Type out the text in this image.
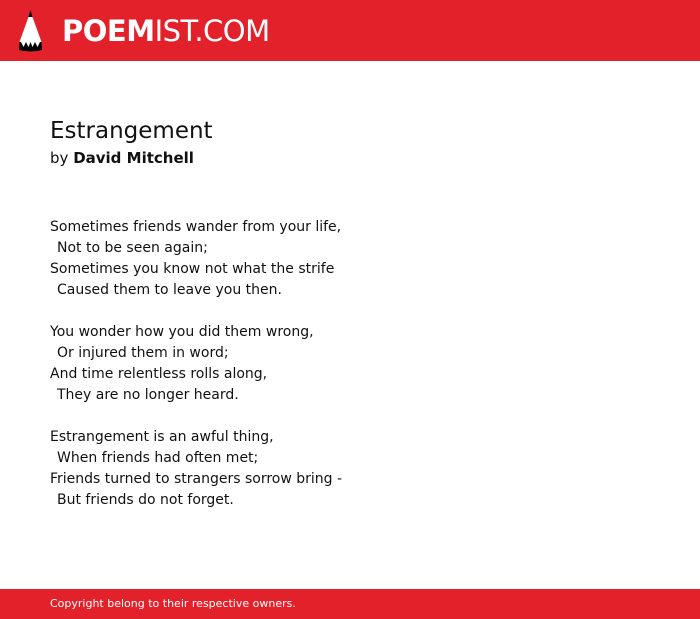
POEMIST.COM
Estrangement
by David Mitchell
Sometimes friends wander from your life,
Not to be seen again;
Sometimes you know not what the strife
Caused them to leave you then.
You wonder how you did them wrong,
Or injured them in word;
And time relentless rolls along,
They are no longer heard.
Estrangement is an awful thing,
When friends had often met;
Friends turned to strangers sorrow bring -
But friends do not forget.
Copyright belong to their respective owners.
